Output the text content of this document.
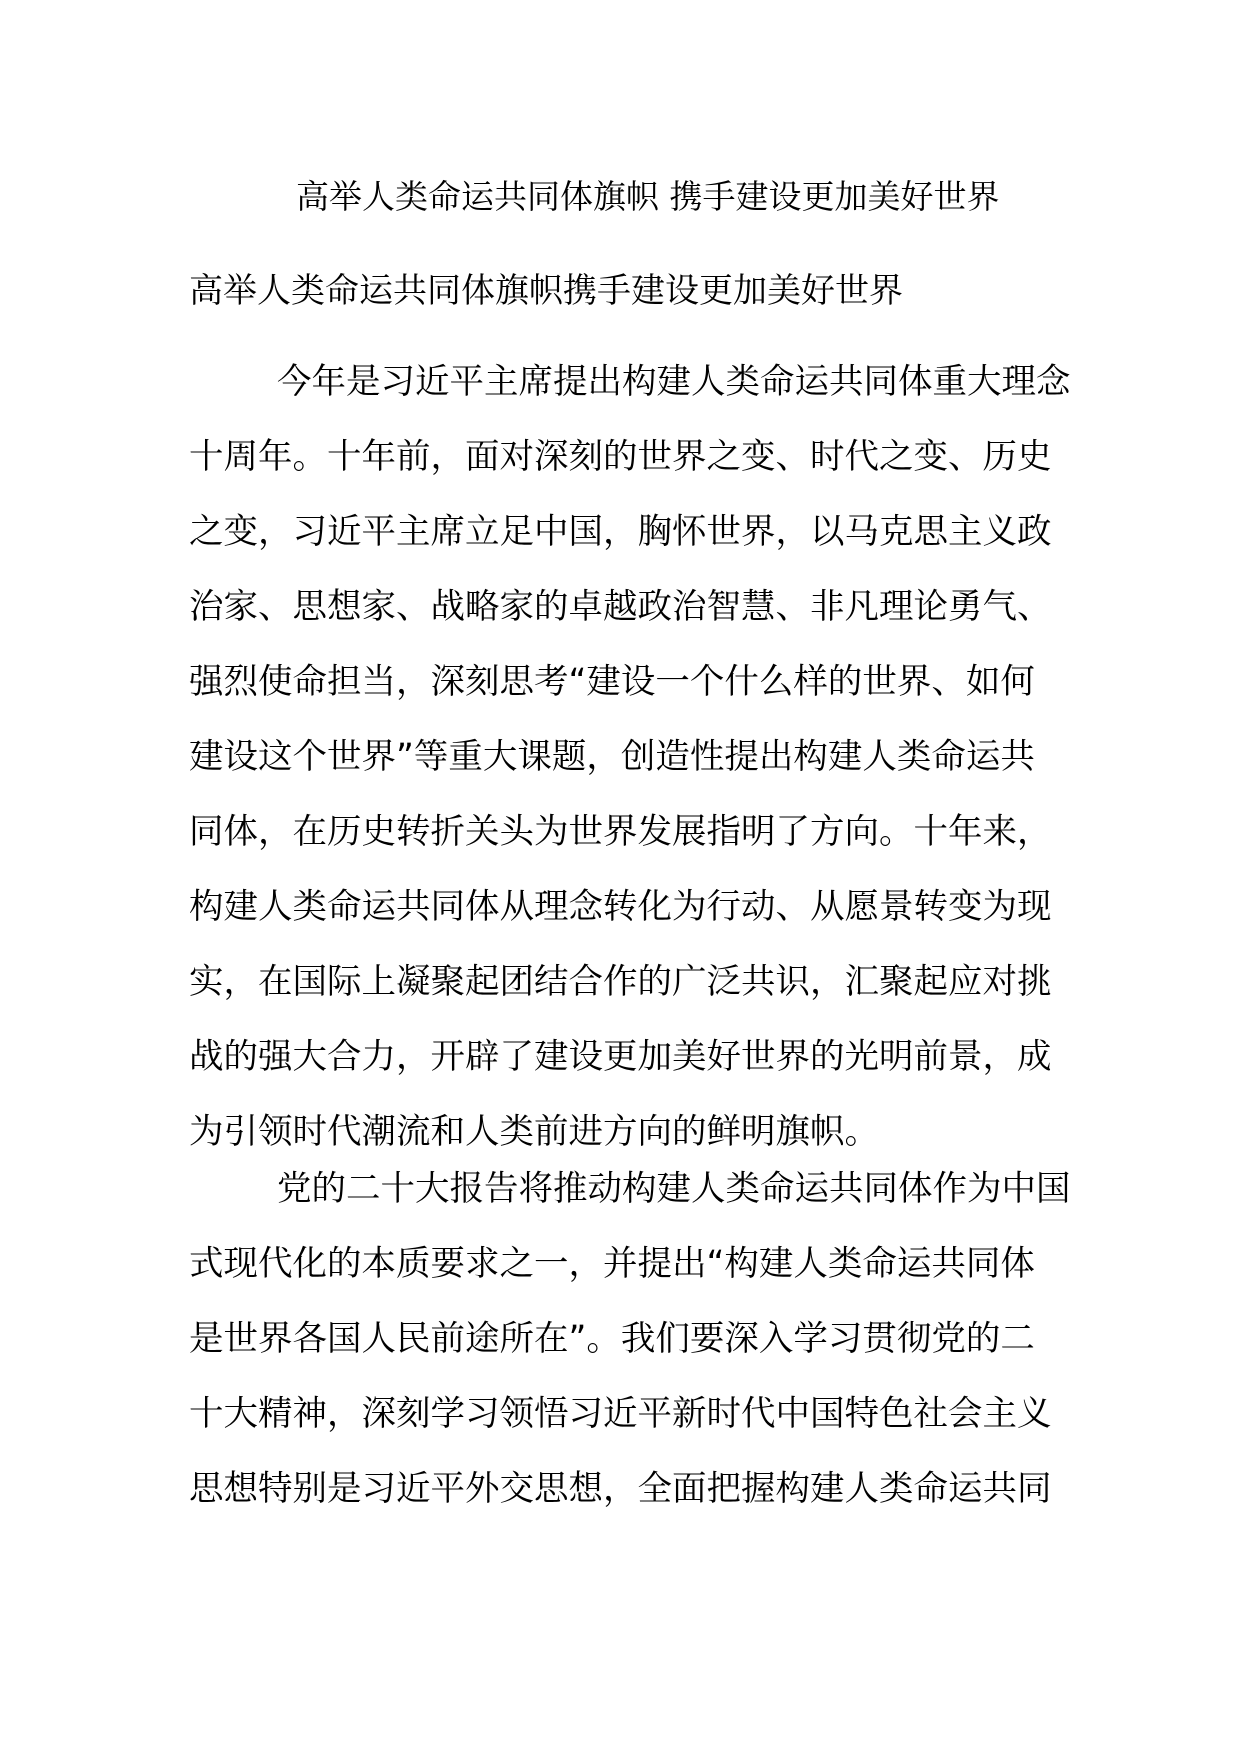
高举人类命运共同体旗帜 携手建设更加美好世界
高举人类命运共同体旗帜携手建设更加美好世界
今年是习近平主席提出构建人类命运共同体重大理念
十周年。十年前，面对深刻的世界之变、时代之变、历史
之变，习近平主席立足中国，胸怀世界，以马克思主义政
治家、思想家、战略家的卓越政治智慧、非凡理论勇气、
强烈使命担当，深刻思考“建设一个什么样的世界、如何
建设这个世界”等重大课题，创造性提出构建人类命运共
同体，在历史转折关头为世界发展指明了方向。十年来，
构建人类命运共同体从理念转化为行动、从愿景转变为现
实，在国际上凝聚起团结合作的广泛共识，汇聚起应对挑
战的强大合力，开辟了建设更加美好世界的光明前景，成
为引领时代潮流和人类前进方向的鲜明旗帜。
党的二十大报告将推动构建人类命运共同体作为中国
式现代化的本质要求之一，并提出“构建人类命运共同体
是世界各国人民前途所在”。我们要深入学习贯彻党的二
十大精神，深刻学习领悟习近平新时代中国特色社会主义
思想特别是习近平外交思想，全面把握构建人类命运共同
